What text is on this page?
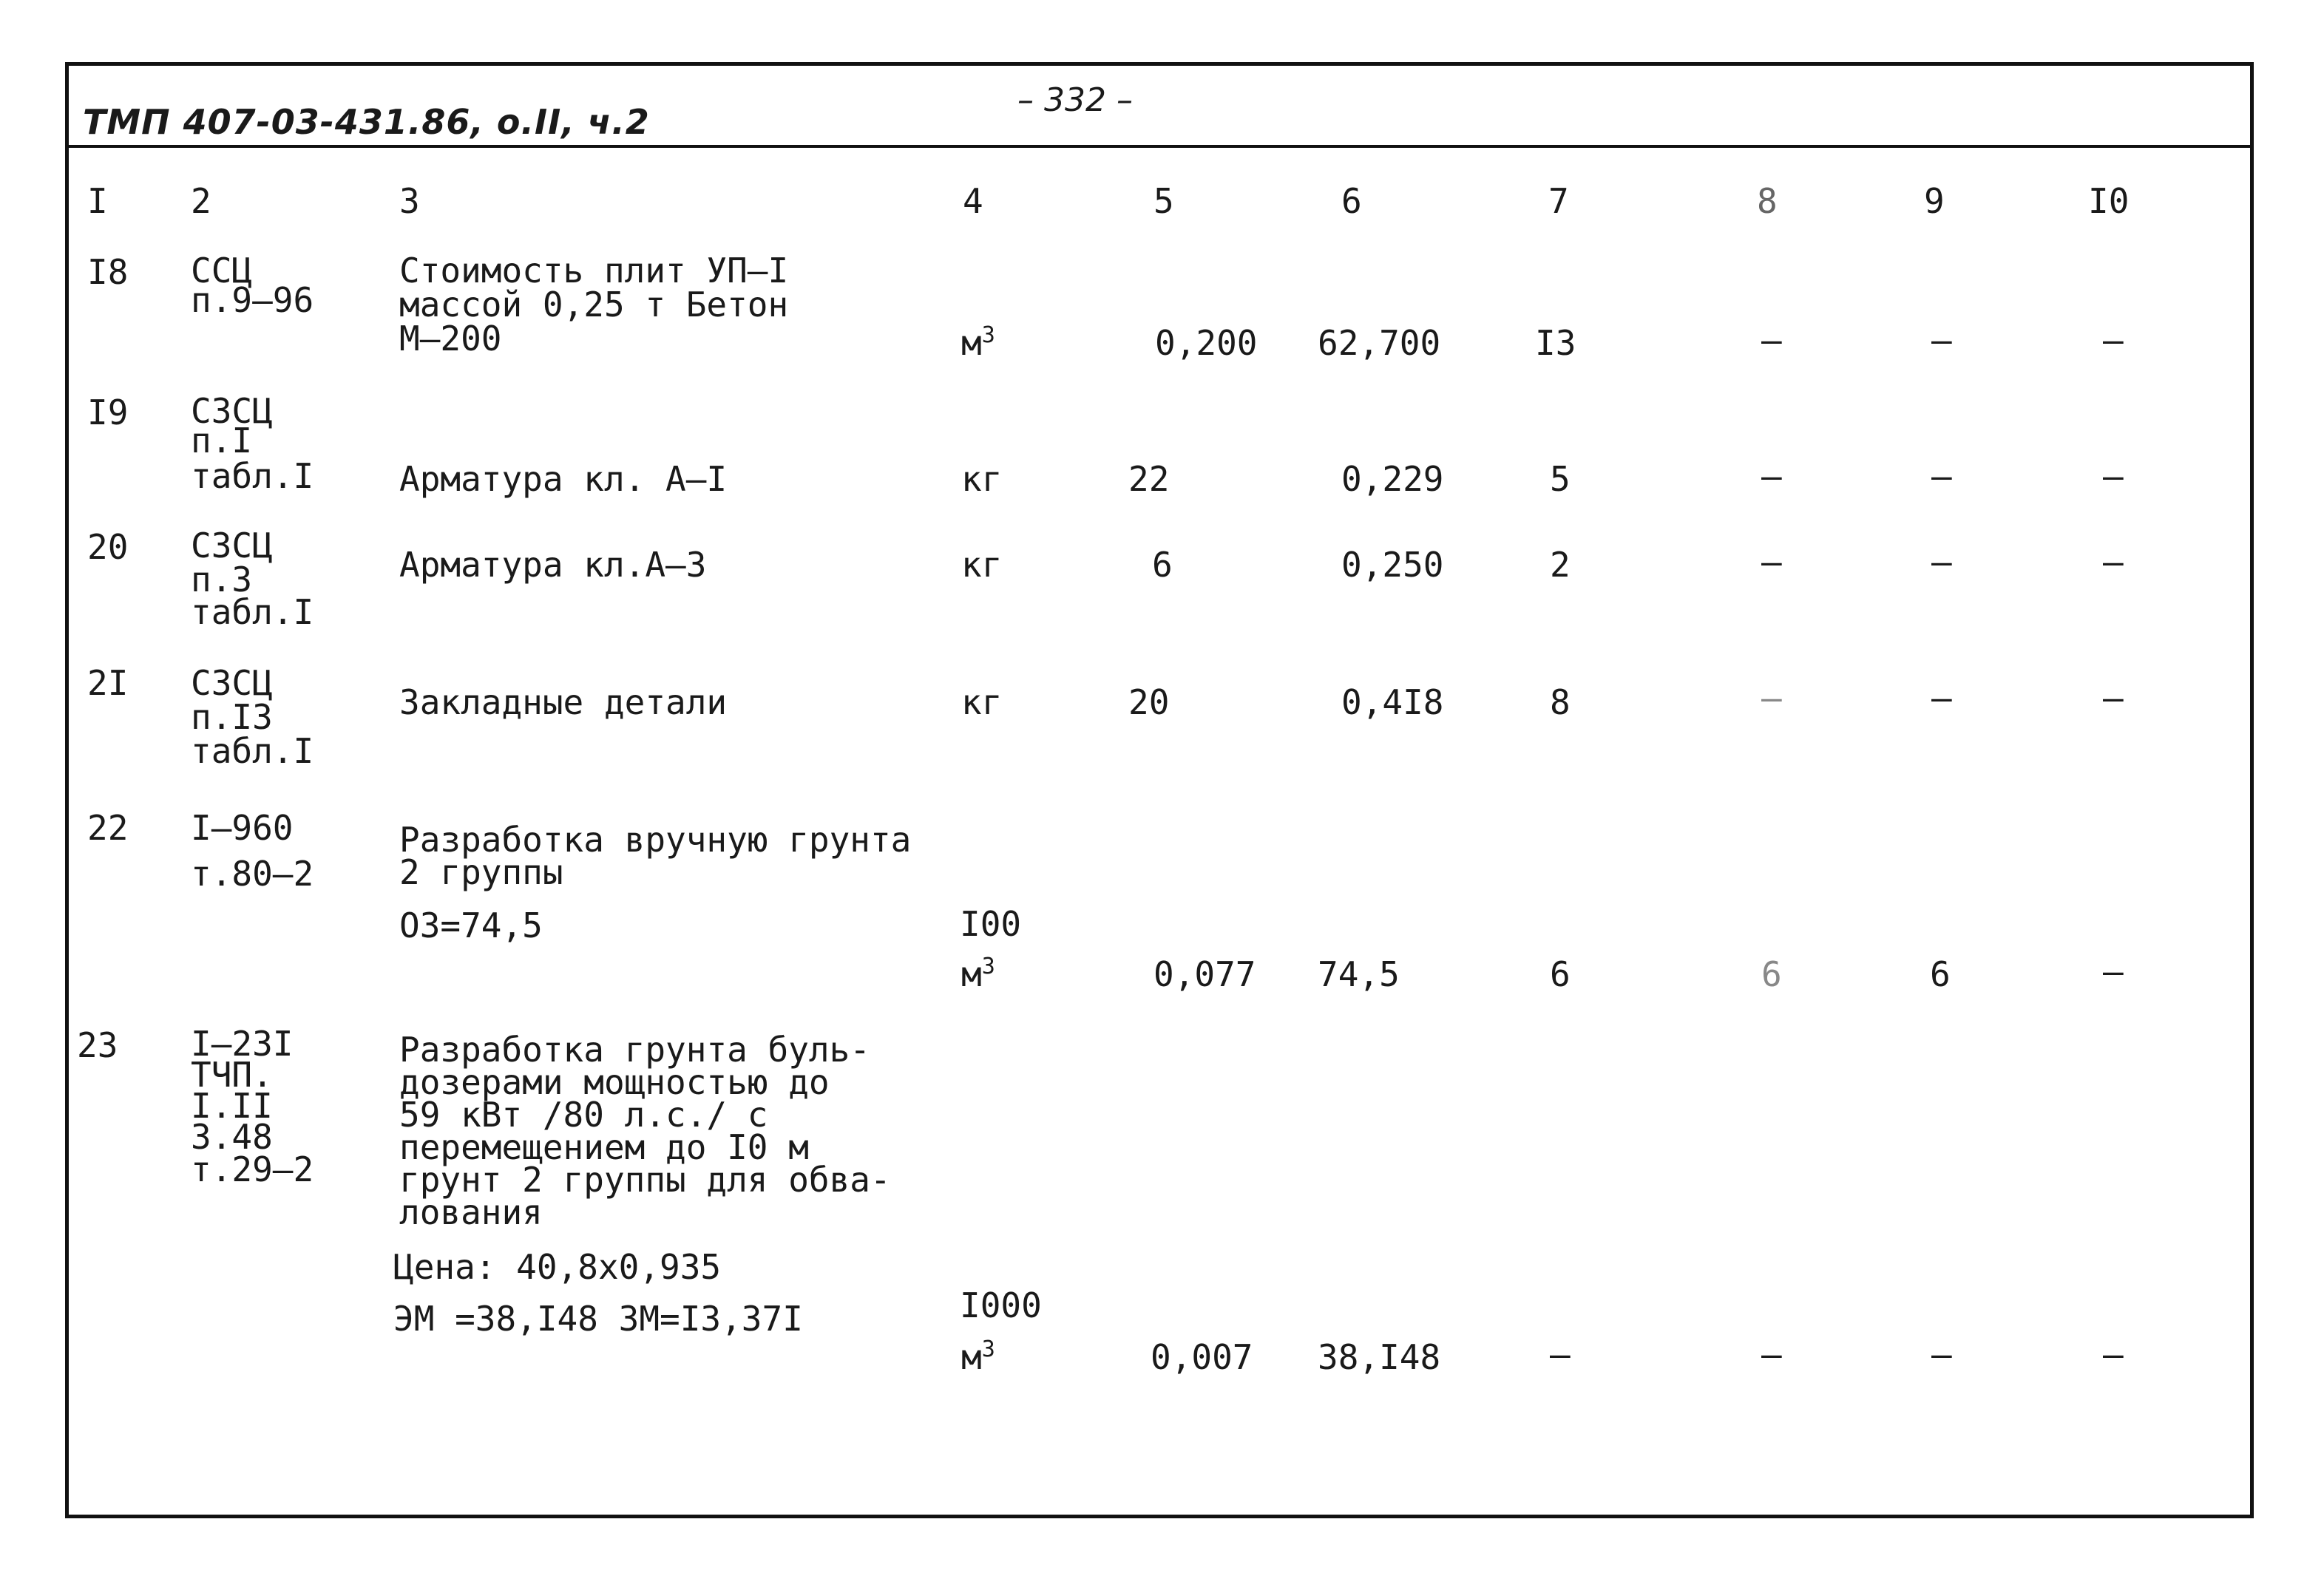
ТМП 407-03-431.86, о.II, ч.2
– 332 –
I 2	3	4	5	6	7	8	9	I0
I8 ССЦ
п.9–96
Стоимость плит УП–I
массой 0,25 т Бетон
М–200	$м^3$	0,200 62,700	I3	–	–	–
I9 СЗСЦ
п.I
табл.I	Арматура кл. А–I	кг	22	0,229	5	–	–	–
20 СЗСЦ
п.3
табл.I
Арматура кл.А–3	кг	6	0,250	2	–	–	–
2I СЗСЦ
п.I3
табл.I
Закладные детали	кг	20	0,4I8	8	–	–	–
22 I–960
т.80–2
Разработка вручную грунта
2 группы
ОЗ=74,5	I00
$м^3$	0,077 74,5	6	6	6	–
23 I–23I
ТЧП.
I.II
З.48
т.29–2
Разработка грунта буль-
дозерами мощностью до
59 кВт /80 л.с./ с
перемещением до I0 м
грунт 2 группы для обва-
лования
Цена: 40,8х0,935
ЭМ =38,I48 ЗМ=I3,37I	I000
$м^3$	0,007 38,I48	–	–	–	–
